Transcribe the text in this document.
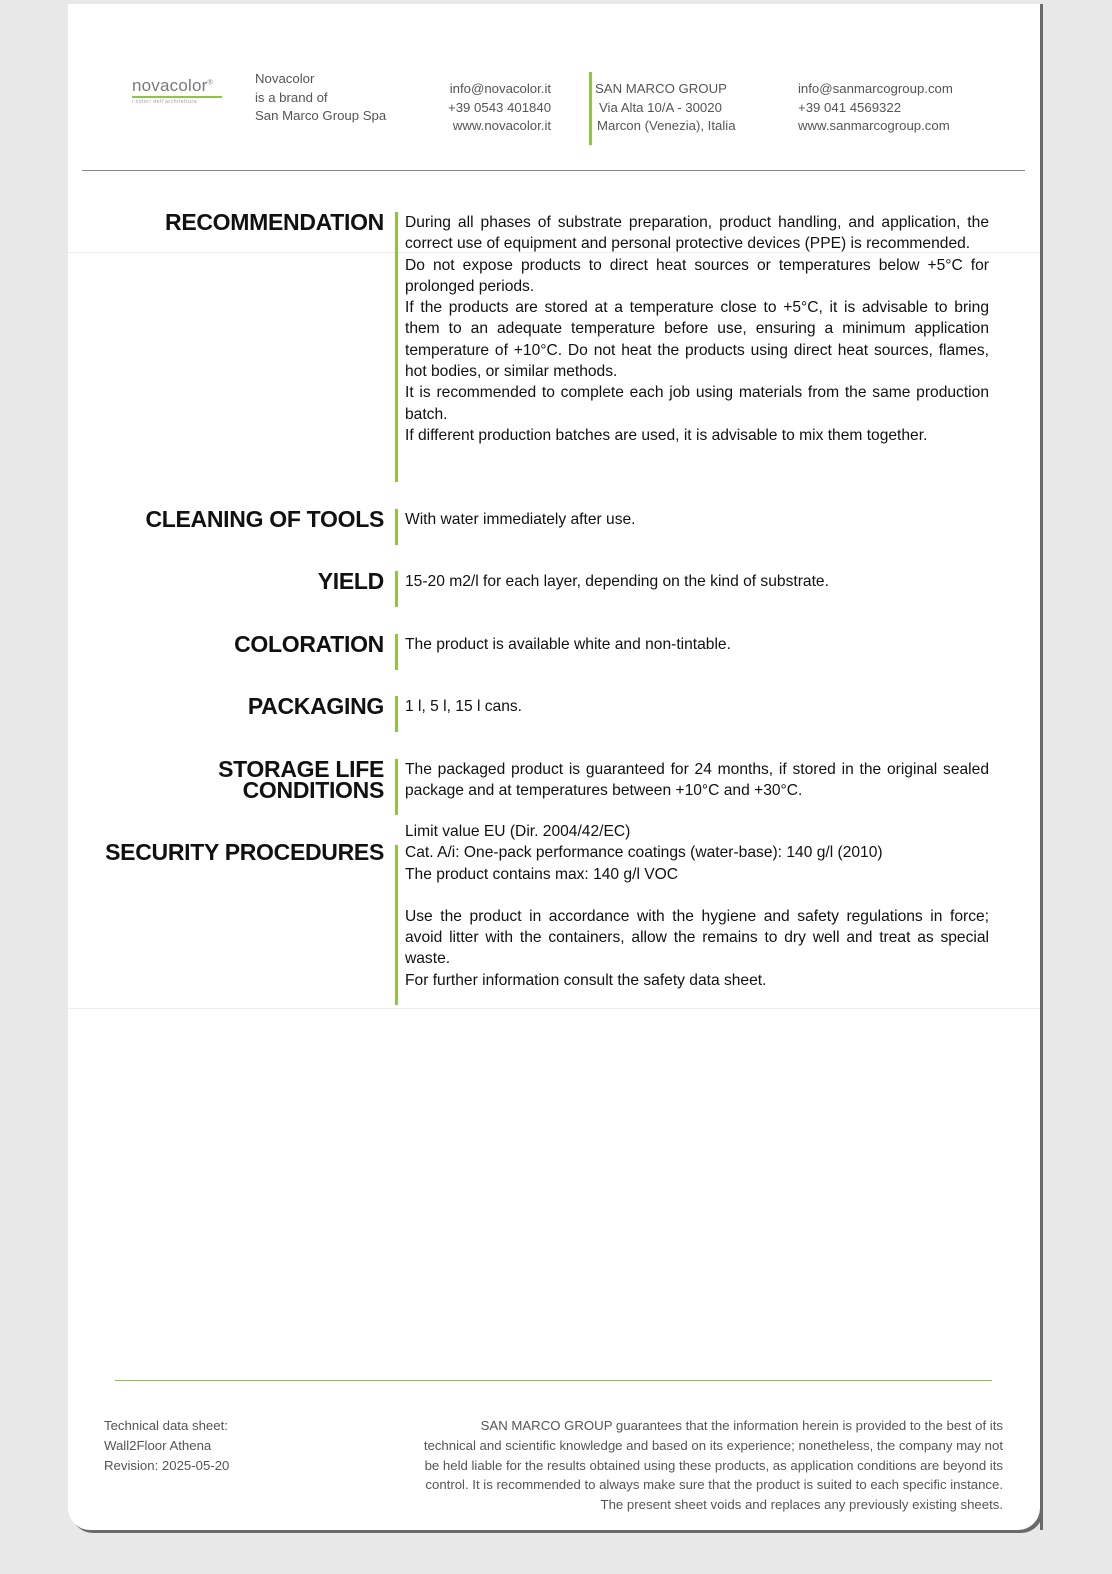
novacolor®
i colori dell'architettura
Novacolor
is a brand of
San Marco Group Spa
info@novacolor.it
+39 0543 401840
www.novacolor.it
SAN MARCO GROUP
Via Alta 10/A - 30020
Marcon (Venezia), Italia
info@sanmarcogroup.com
+39 041 4569322
www.sanmarcogroup.com
RECOMMENDATION During all phases of substrate preparation, product handling, and application, the correct use of equipment and personal protective devices (PPE) is recommended.

Do not expose products to direct heat sources or temperatures below +5°C for prolonged periods.

If the products are stored at a temperature close to +5°C, it is advisable to bring them to an adequate temperature before use, ensuring a minimum application temperature of +10°C. Do not heat the products using direct heat sources, flames, hot bodies, or similar methods.

It is recommended to complete each job using materials from the same production batch.

If different production batches are used, it is advisable to mix them together.

CLEANING OF TOOLS With water immediately after use.
YIELD 15-20 m2/l for each layer, depending on the kind of substrate.
COLORATION The product is available white and non-tintable.
PACKAGING 1 l, 5 l, 15 l cans.
STORAGE LIFE
CONDITIONS
The packaged product is guaranteed for 24 months, if stored in the original sealed package and at temperatures between +10°C and +30°C.
SECURITY PROCEDURES

Limit value EU (Dir. 2004/42/EC)

Cat. A/i: One-pack performance coatings (water-base): 140 g/l (2010)

The product contains max: 140 g/l VOC

Use the product in accordance with the hygiene and safety regulations in force; avoid litter with the containers, allow the remains to dry well and treat as special waste.

For further information consult the safety data sheet.

Technical data sheet:
Wall2Floor Athena
Revision: 2025-05-20

SAN MARCO GROUP guarantees that the information herein is provided to the best of its

technical and scientific knowledge and based on its experience; nonetheless, the company may not

be held liable for the results obtained using these products, as application conditions are beyond its

control. It is recommended to always make sure that the product is suited to each specific instance.

The present sheet voids and replaces any previously existing sheets.
